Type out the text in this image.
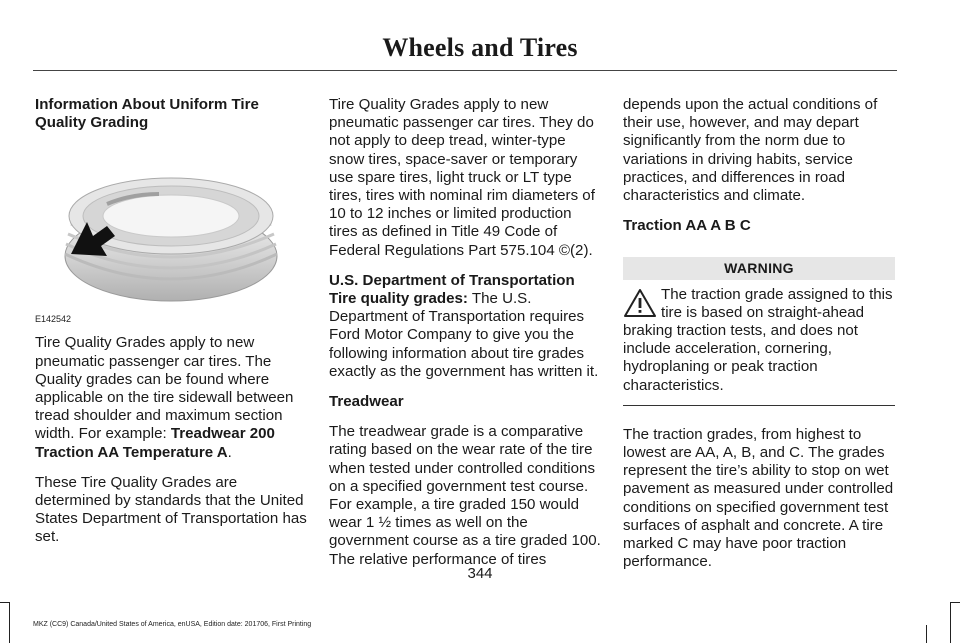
Wheels and Tires
Information About Uniform Tire Quality Grading
E142542

Tire Quality Grades apply to new pneumatic passenger car tires. The Quality grades can be found where applicable on the tire sidewall between tread shoulder and maximum section width. For example: Treadwear 200 Traction AA Temperature A.

These Tire Quality Grades are determined by standards that the United States Department of Transportation has set.

Tire Quality Grades apply to new pneumatic passenger car tires. They do not apply to deep tread, winter-type snow tires, space-saver or temporary use spare tires, light truck or LT type tires, tires with nominal rim diameters of 10 to 12 inches or limited production tires as defined in Title 49 Code of Federal Regulations Part 575.104 ©(2).

U.S. Department of Transportation Tire quality grades: The U.S. Department of Transportation requires Ford Motor Company to give you the following information about tire grades exactly as the government has written it.

Treadwear

The treadwear grade is a comparative rating based on the wear rate of the tire when tested under controlled conditions on a specified government test course. For example, a tire graded 150 would wear 1 ½ times as well on the government course as a tire graded 100. The relative performance of tires

depends upon the actual conditions of their use, however, and may depart significantly from the norm due to variations in driving habits, service practices, and differences in road characteristics and climate.

Traction AA A B C

WARNING
The traction grade assigned to this tire is based on straight-ahead braking traction tests, and does not include acceleration, cornering, hydroplaning or peak traction characteristics.

The traction grades, from highest to lowest are AA, A, B, and C. The grades represent the tire’s ability to stop on wet pavement as measured under controlled conditions on specified government test surfaces of asphalt and concrete. A tire marked C may have poor traction performance.

344
MKZ (CC9) Canada/United States of America, enUSA, Edition date: 201706, First Printing
